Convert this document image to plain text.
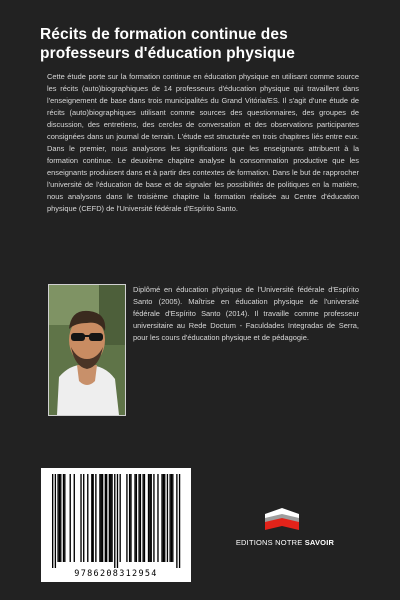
Récits de formation continue des professeurs d'éducation physique

Cette étude porte sur la formation continue en éducation physique en utilisant comme source les récits (auto)biographiques de 14 professeurs d'éducation physique qui travaillent dans l'enseignement de base dans trois municipalités du Grand Vitória/ES. Il s'agit d'une étude de récits (auto)biographiques utilisant comme sources des questionnaires, des groupes de discussion, des entretiens, des cercles de conversation et des observations participantes consignées dans un journal de terrain. L'étude est structurée en trois chapitres liés entre eux. Dans le premier, nous analysons les significations que les enseignants attribuent à la formation continue. Le deuxième chapitre analyse la consommation productive que les enseignants produisent dans et à partir des contextes de formation. Dans le but de rapprocher l'université de l'éducation de base et de signaler les possibilités de politiques en la matière, nous analysons dans le troisième chapitre la formation réalisée au Centre d'éducation physique (CEFD) de l'Université fédérale d'Espírito Santo.

Diplômé en éducation physique de l'Université fédérale d'Espírito Santo (2005). Maîtrise en éducation physique de l'université fédérale d'Espírito Santo (2014). Il travaille comme professeur universitaire au Rede Doctum - Faculdades Integradas de Serra, pour les cours d'éducation physique et de pédagogie.

9786208312954
EDITIONS NOTRE SAVOIR
